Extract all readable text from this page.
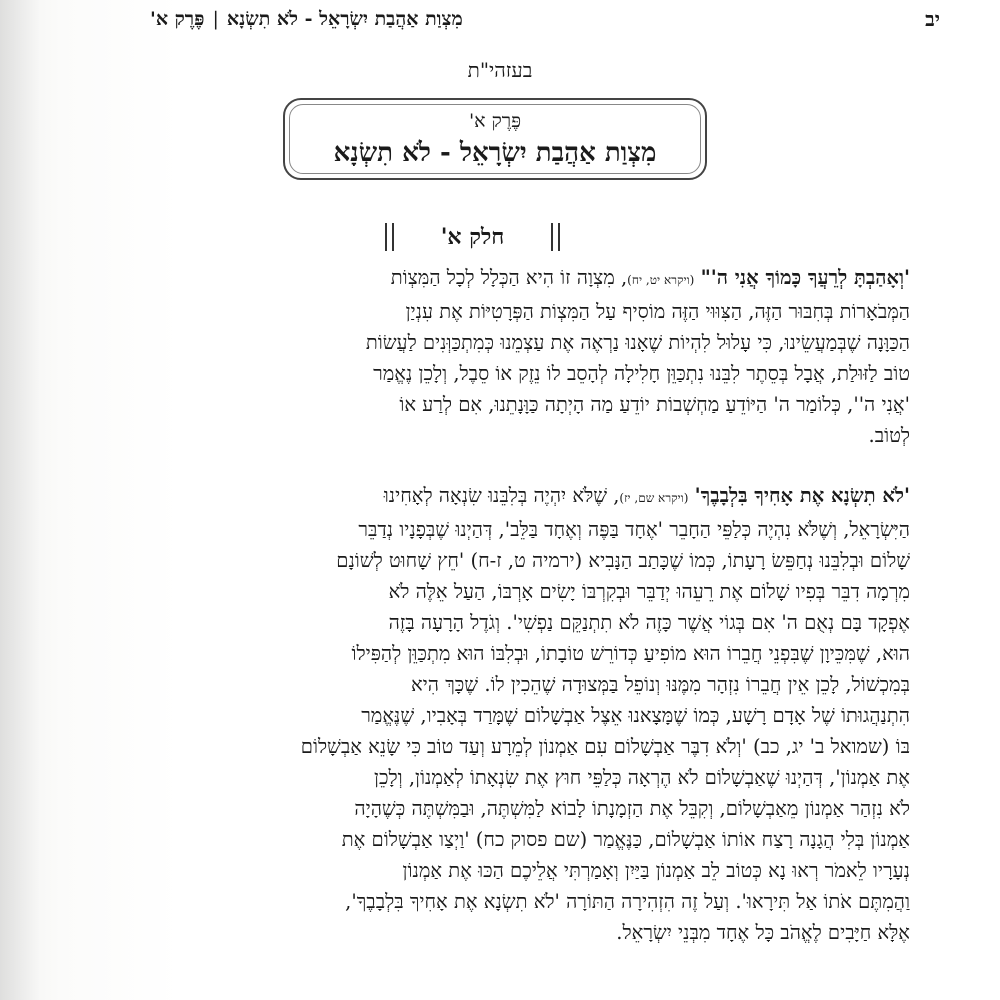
יב
מִצְוַת אַהֲבַת יִשְׂרָאֵל - לֹא תִשְׂנָא
|
פֶּרֶק א'
בעזהי"ת
פֶּרֶק א'
מִצְוַת אַהֲבַת יִשְׂרָאֵל - לֹא תִשְׂנָא
חלק א'
'וְאָהַבְתָּ לְרֵעֲךָ כָּמוֹךָ אֲנִי ה'" (ויקרא יט, יח), מִצְוָה זוֹ הִיא הַכְּלָל לְכָל הַמִּצְוֹת
הַמְּבֹאָרוֹת בְּחִבּוּר הַזֶּה, הַצִּוּוּי הַזֶּה מוֹסִיף עַל הַמִּצְוֹת הַפְּרָטִיּוֹת אֶת עִנְיַן
הַכַּוָּנָה שֶׁבְּמַעֲשֵׂינוּ, כִּי עָלוּל לִהְיוֹת שֶׁאָנוּ נַרְאֶה אֶת עַצְמֵנוּ כְּמִתְכַּוְּנִים לַעֲשׂוֹת
טוֹב לַזּוּלַת, אֲבָל בְּסֵתֶר לִבֵּנוּ נִתְכַּוֵּן חָלִילָה לְהָסֵב לוֹ נֵזֶק אוֹ סֵבֶל, וְלָכֵן נֶאֱמַר
'אֲנִי ה'', כְּלוֹמַר ה' הַיּוֹדֵעַ מַחְשְׁבוֹת יוֹדֵעַ מַה הָיְתָה כַּוָּנָתֵנוּ, אִם לְרַע אוֹ
לְטוֹב.
'לֹא תִשְׂנָא אֶת אָחִיךָ בִּלְבָבֶךָ' (ויקרא שם, יז), שֶׁלֹּא יִהְיֶה בְּלִבֵּנוּ שִׂנְאָה לְאָחִינוּ
הַיִּשְׂרָאֵל, וְשֶׁלֹּא נִהְיֶה כְּלַפֵּי הַחָבֵר 'אֶחָד בַּפֶּה וְאֶחָד בַּלֵּב', דְּהַיְנוּ שֶׁבְּפָנָיו נְדַבֵּר
שָׁלוֹם וּבְלִבֵּנוּ נְחַפֵּשׂ רָעָתוֹ, כְּמוֹ שֶׁכָּתַב הַנָּבִיא (ירמיה ט, ז-ח) 'חֵץ שָׁחוּט לְשׁוֹנָם
מִרְמָה דִבֵּר בְּפִיו שָׁלוֹם אֶת רֵעֵהוּ יְדַבֵּר וּבְקִרְבּוֹ יָשִׂים אָרְבּוֹ, הַעַל אֵלֶּה לֹא
אֶפְקָד בָּם נְאֻם ה' אִם בְּגוֹי אֲשֶׁר כָּזֶה לֹא תִתְנַקֵּם נַפְשִׁי'. וְגֹדֶל הָרָעָה בָּזֶה
הוּא, שֶׁמִּכֵּיוָן שֶׁבִּפְנֵי חֲבֵרוֹ הוּא מוֹפִיעַ כְּדוֹרֵשׁ טוֹבָתוֹ, וּבְלִבּוֹ הוּא מִתְכַּוֵּן לְהַפִּילוֹ
בְּמִכְשׁוֹל, לָכֵן אֵין חֲבֵרוֹ נִזְהָר מִמֶּנּוּ וְנוֹפֵל בַּמְּצוּדָה שֶׁהֵכִין לוֹ. שֶׁכָּךְ הִיא
הִתְנַהֲגוּתוֹ שֶׁל אָדָם רָשָׁע, כְּמוֹ שֶׁמָּצָאנוּ אֵצֶל אַבְשָׁלוֹם שֶׁמָּרַד בְּאָבִיו, שֶׁנֶּאֱמַר
בּוֹ (שמואל ב' יג, כב) 'וְלֹא דִבֶּר אַבְשָׁלוֹם עִם אַמְנוֹן לְמֵרָע וְעַד טוֹב כִּי שָׂנֵא אַבְשָׁלוֹם
אֶת אַמְנוֹן', דְּהַיְנוּ שֶׁאַבְשָׁלוֹם לֹא הֶרְאָה כְּלַפֵּי חוּץ אֶת שִׂנְאָתוֹ לְאַמְנוֹן, וְלָכֵן
לֹא נִזְהַר אַמְנוֹן מֵאַבְשָׁלוֹם, וְקִבֵּל אֶת הַזְמָנָתוֹ לָבוֹא לַמִּשְׁתֶּה, וּבַמִּשְׁתֶּה כְּשֶׁהָיָה
אַמְנוֹן בְּלִי הֲגָנָה רָצַח אוֹתוֹ אַבְשָׁלוֹם, כַּנֶּאֱמַר (שם פסוק כח) 'וַיְצַו אַבְשָׁלוֹם אֶת
נְעָרָיו לֵאמֹר רְאוּ נָא כְּטוֹב לֵב אַמְנוֹן בַּיַּיִן וְאָמַרְתִּי אֲלֵיכֶם הַכּוּ אֶת אַמְנוֹן
וַהֲמִתֶּם אֹתוֹ אַל תִּירָאוּ'. וְעַל זֶה הִזְהִירָה הַתּוֹרָה 'לֹא תִשְׂנָא אֶת אָחִיךָ בִּלְבָבֶךָ',
אֶלָּא חַיָּבִים לֶאֱהֹב כָּל אֶחָד מִבְּנֵי יִשְׂרָאֵל.
